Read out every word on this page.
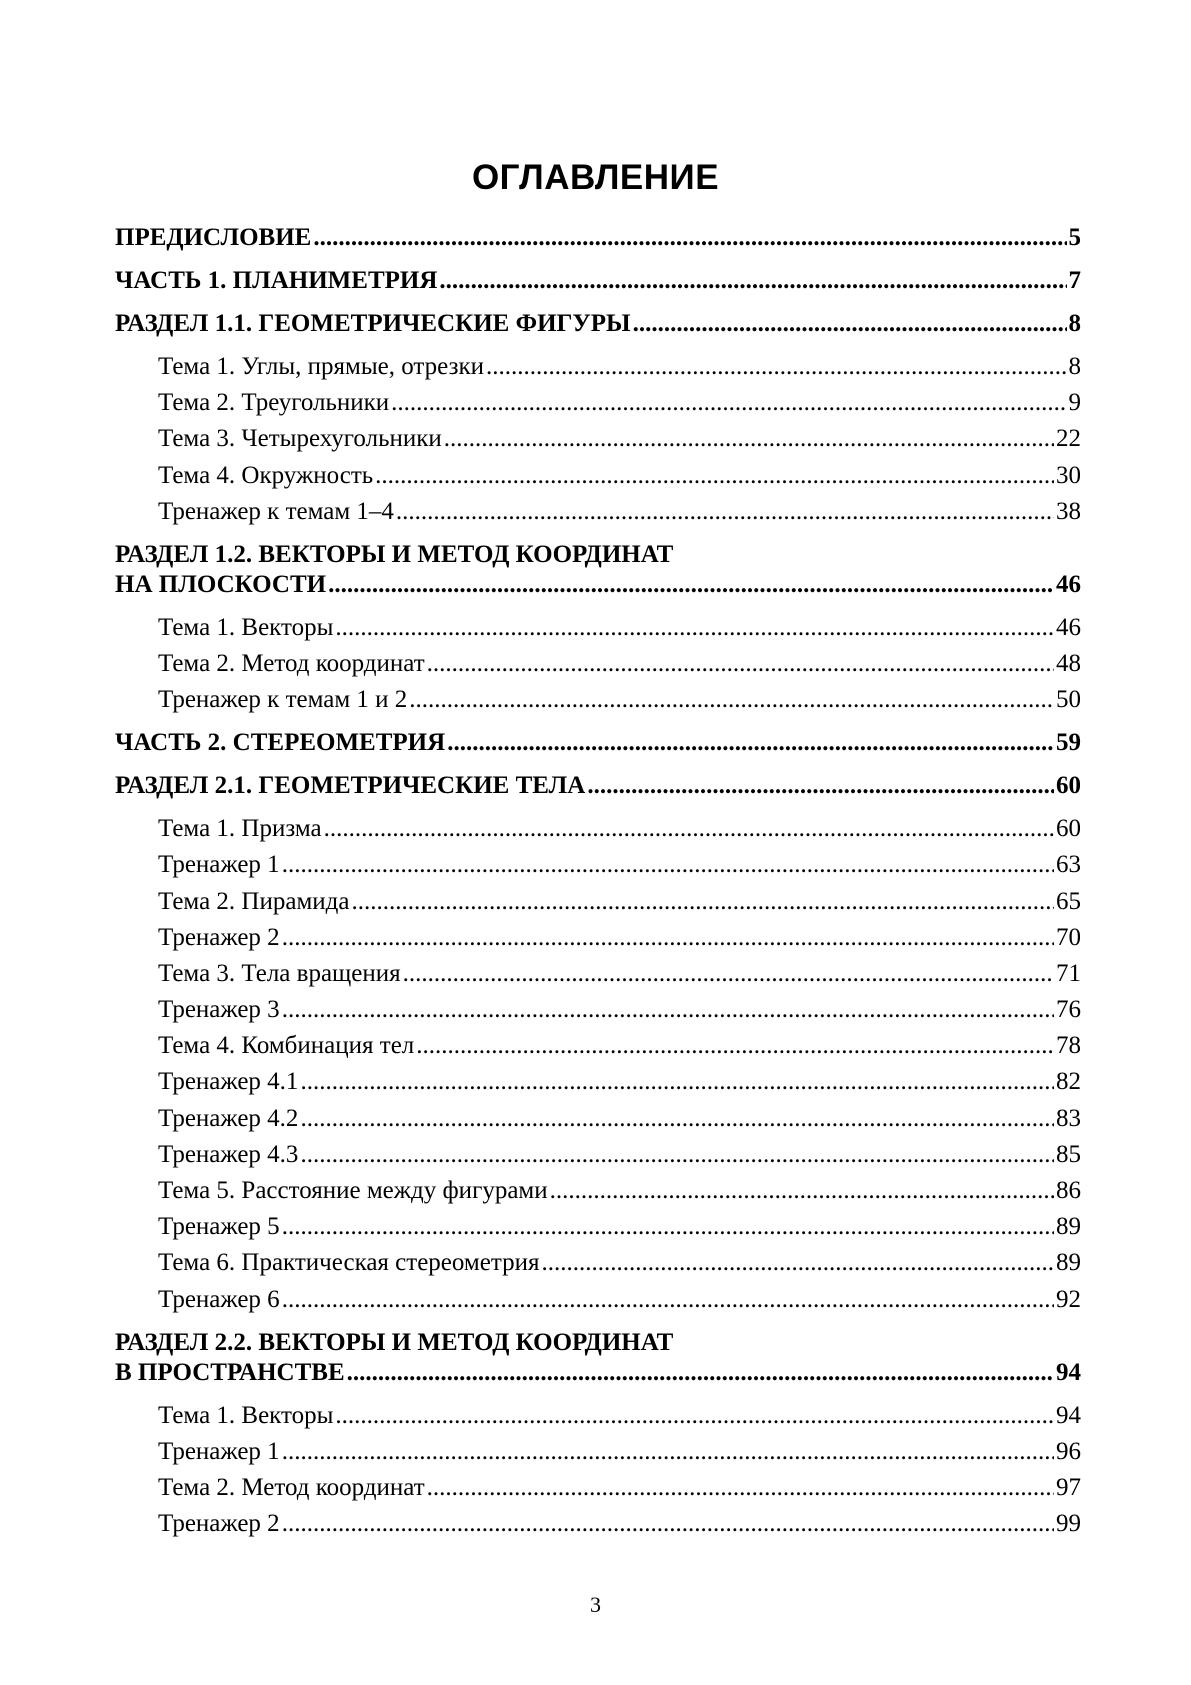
ОГЛАВЛЕНИЕ
ПРЕДИСЛОВИЕ .....	5
ЧАСТЬ 1. ПЛАНИМЕТРИЯ .....	7
РАЗДЕЛ 1.1. ГЕОМЕТРИЧЕСКИЕ ФИГУРЫ .....	8
Тема 1. Углы, прямые, отрезки .....	8
Тема 2. Треугольники .....	9
Тема 3. Четырехугольники .....	22
Тема 4. Окружность .....	30
Тренажер к темам 1–4 .....	38
РАЗДЕЛ 1.2. ВЕКТОРЫ И МЕТОД КООРДИНАТ
НА ПЛОСКОСТИ .....	46
Тема 1. Векторы .....	46
Тема 2. Метод координат .....	48
Тренажер к темам 1 и 2 .....	50
ЧАСТЬ 2. СТЕРЕОМЕТРИЯ .....	59
РАЗДЕЛ 2.1. ГЕОМЕТРИЧЕСКИЕ ТЕЛА .....	60
Тема 1. Призма .....	60
Тренажер 1 .....	63
Тема 2. Пирамида .....	65
Тренажер 2 .....	70
Тема 3. Тела вращения .....	71
Тренажер 3 .....	76
Тема 4. Комбинация тел .....	78
Тренажер 4.1 .....	82
Тренажер 4.2 .....	83
Тренажер 4.3 .....	85
Тема 5. Расстояние между фигурами .....	86
Тренажер 5 .....	89
Тема 6. Практическая стереометрия .....	89
Тренажер 6 .....	92
РАЗДЕЛ 2.2. ВЕКТОРЫ И МЕТОД КООРДИНАТ
В ПРОСТРАНСТВЕ .....	94
Тема 1. Векторы .....	94
Тренажер 1 .....	96
Тема 2. Метод координат .....	97
Тренажер 2 .....	99
3
